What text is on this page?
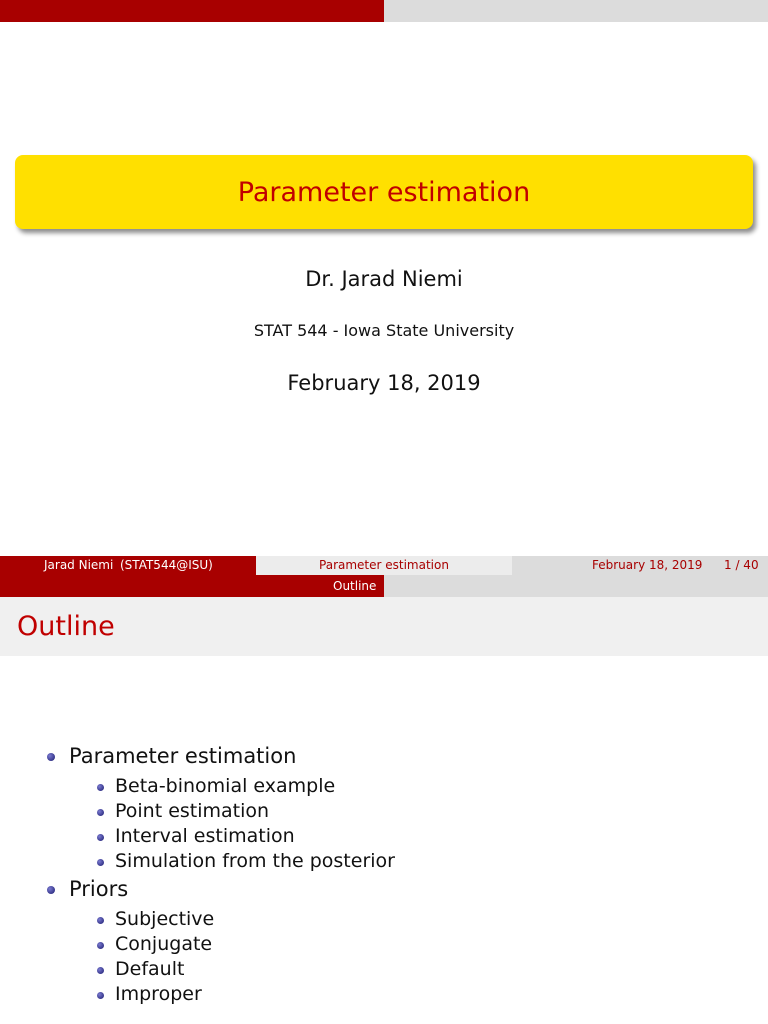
Parameter estimation
Dr. Jarad Niemi
STAT 544 - Iowa State University
February 18, 2019
Jarad Niemi (STAT544@ISU)	Parameter estimation	February 18, 2019 1 / 40
Outline
Outline
Parameter estimation
Beta-binomial example
Point estimation
Interval estimation
Simulation from the posterior
Priors
Subjective
Conjugate
Default
Improper
